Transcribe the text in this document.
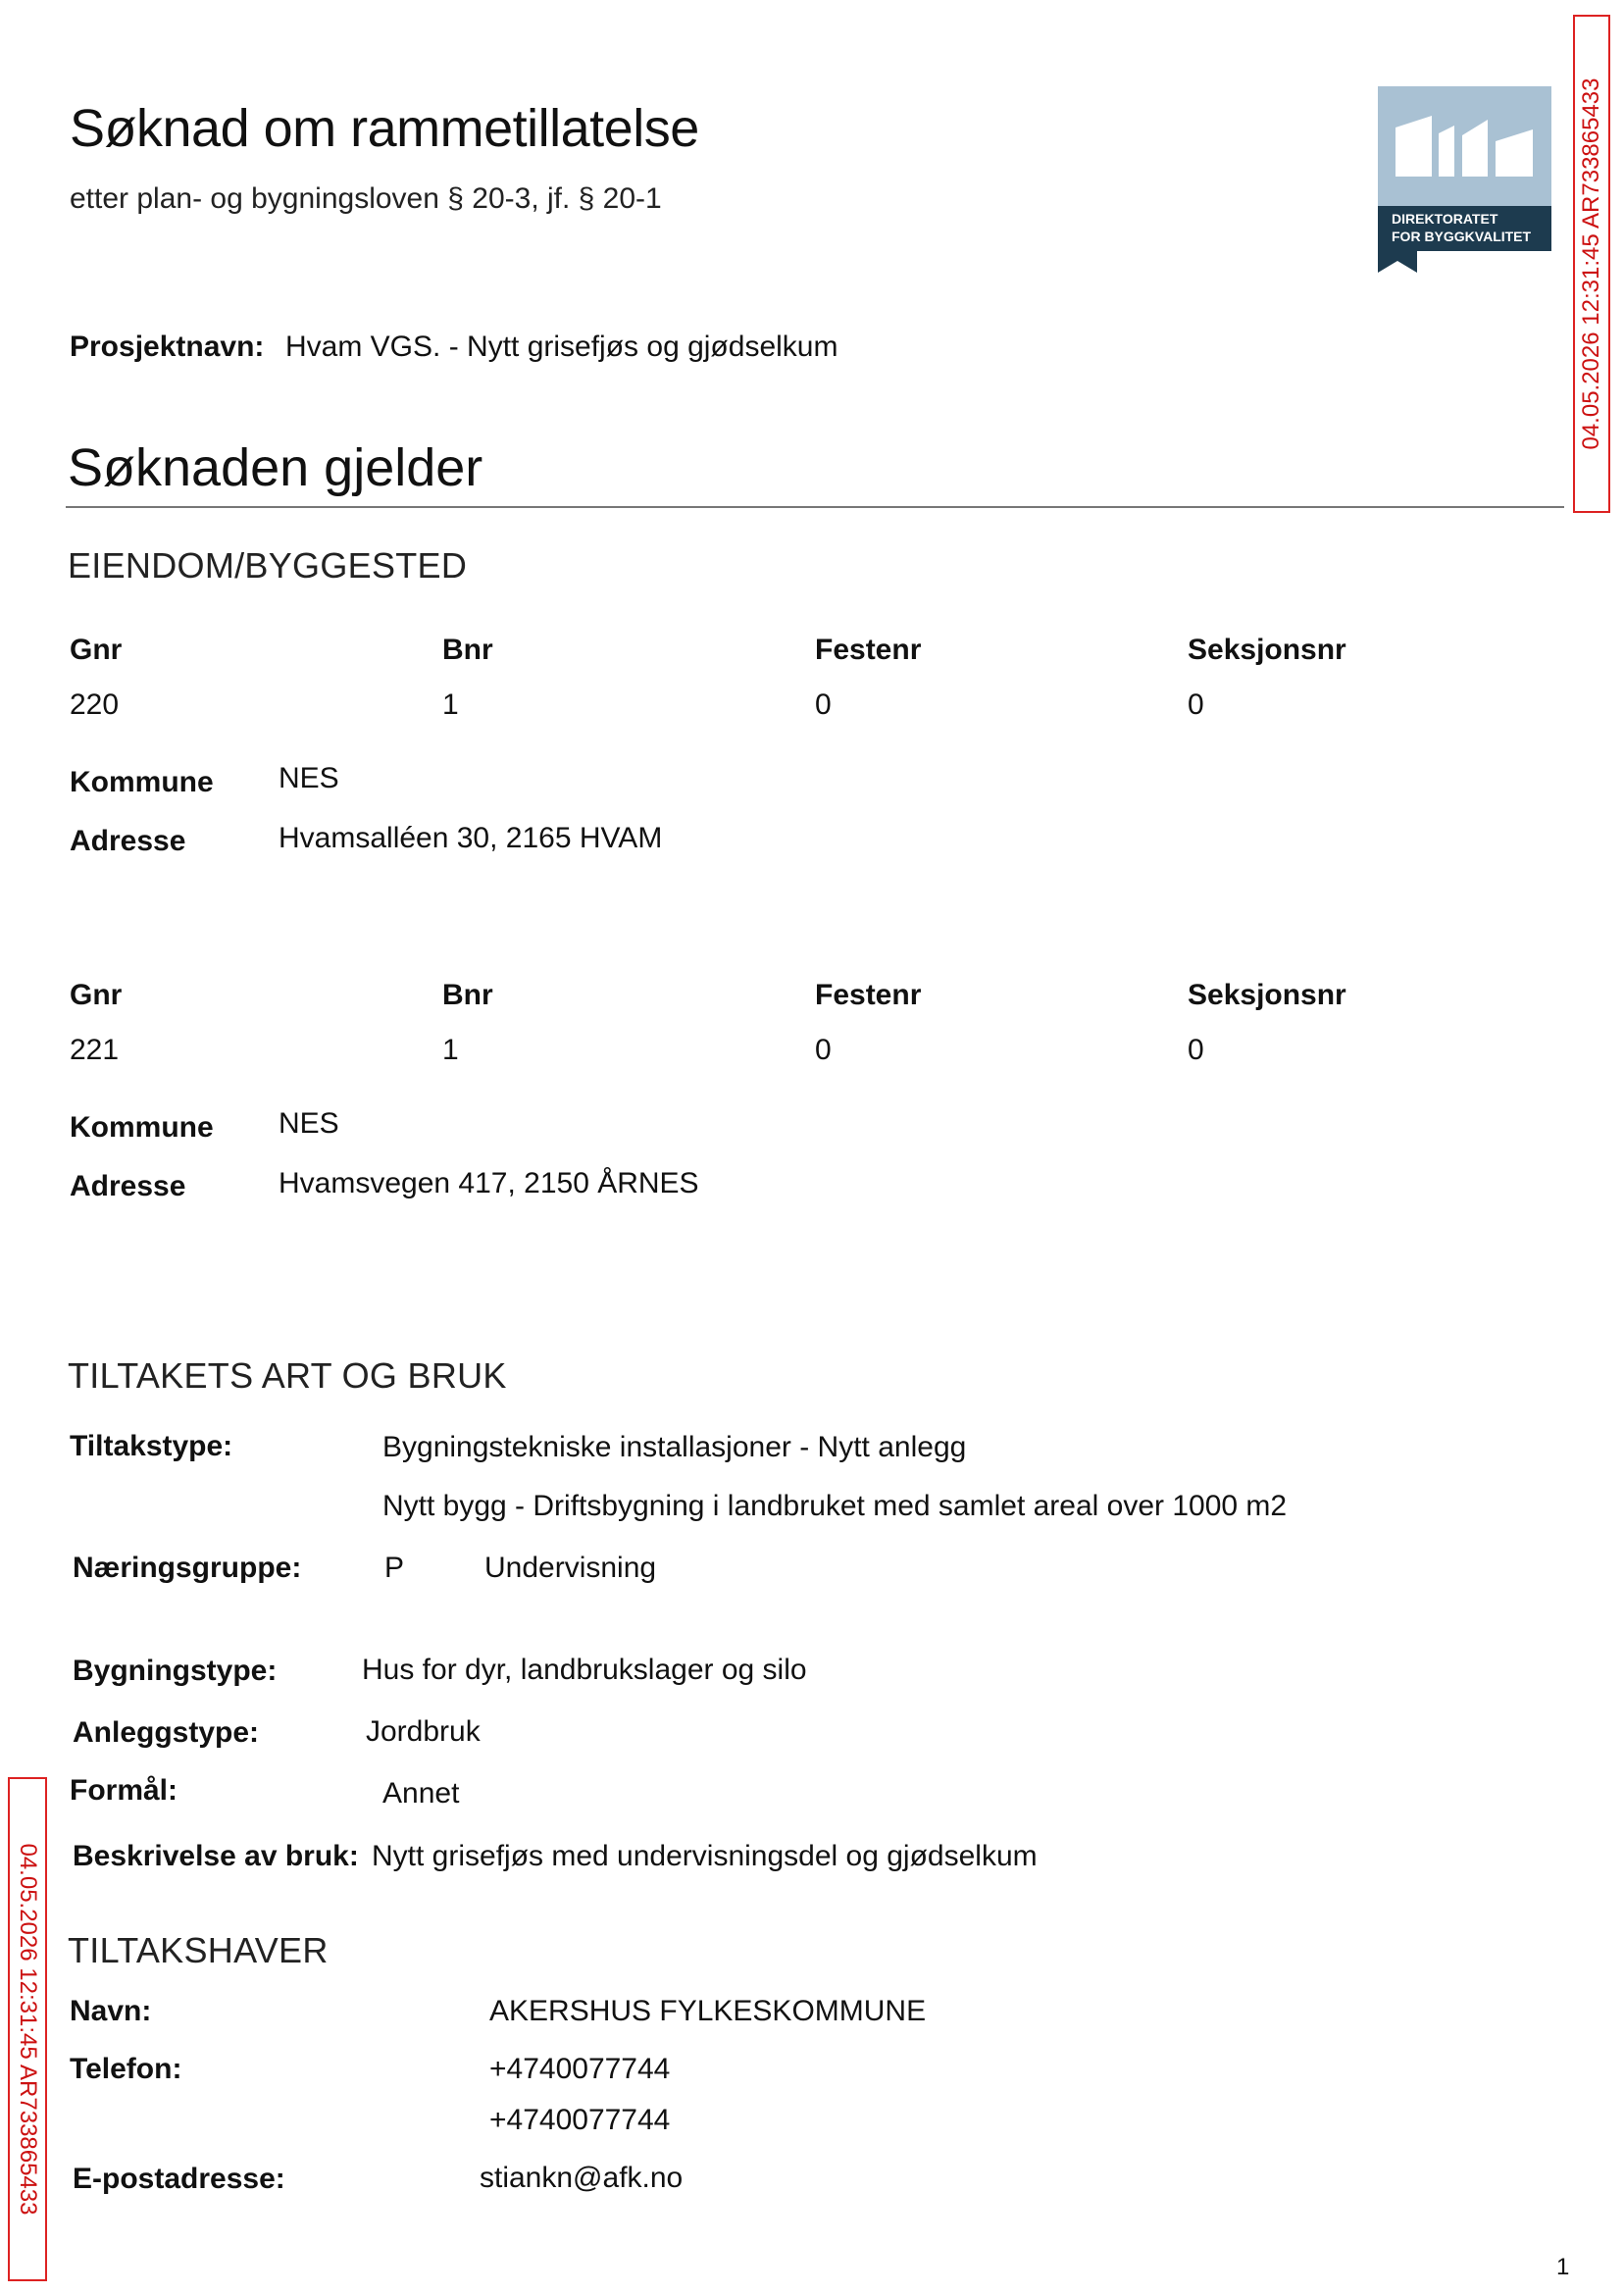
Søknad om rammetillatelse
etter plan- og bygningsloven § 20-3, jf. § 20-1
DIREKTORATET
FOR BYGGKVALITET
Prosjektnavn: Hvam VGS. - Nytt grisefjøs og gjødselkum
Søknaden gjelder
EIENDOM/BYGGESTED
Gnr	Bnr	Festenr	Seksjonsnr
220	1	0	0
Kommune NES
Adresse	Hvamsalléen 30, 2165 HVAM
Gnr	Bnr	Festenr	Seksjonsnr
221	1	0	0
Kommune NES
Adresse	Hvamsvegen 417, 2150 ÅRNES
TILTAKETS ART OG BRUK
Tiltakstype:	Bygningstekniske installasjoner - Nytt anlegg
Nytt bygg - Driftsbygning i landbruket med samlet areal over 1000 m2
Næringsgruppe:	P	Undervisning
Bygningstype:	Hus for dyr, landbrukslager og silo
Anleggstype:	Jordbruk
Formål:	Annet
Beskrivelse av bruk: Nytt grisefjøs med undervisningsdel og gjødselkum
TILTAKSHAVER
Navn:	AKERSHUS FYLKESKOMMUNE
Telefon:	+4740077744
+4740077744
E-postadresse:	stiankn@afk.no
04.05.2026 12:31:45 AR733865433
04.05.2026 12:31:45 AR733865433
1
